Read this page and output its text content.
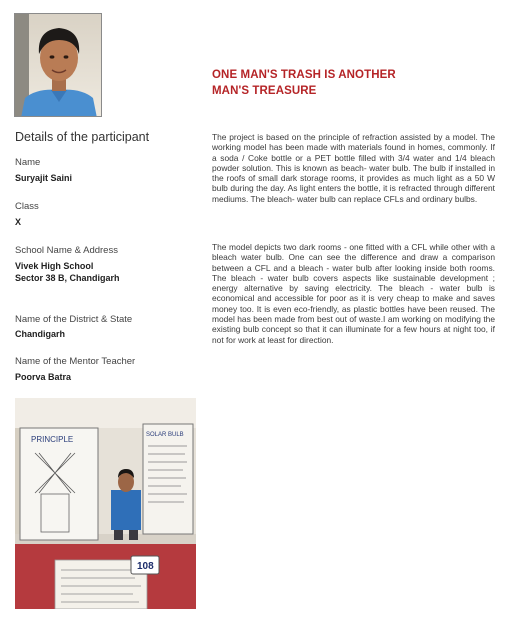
Details of the participant
Name
Suryajit Saini
Class
X
School Name & Address
Vivek High School
Sector 38 B, Chandigarh
Name of the District & State
Chandigarh
Name of the Mentor Teacher
Poorva Batra
ONE MAN'S TRASH IS ANOTHER
MAN'S TREASURE

The project is based on the principle of refraction assisted by a model. The working model has been made with materials found in homes, commonly. If a soda / Coke bottle or a PET bottle filled with 3/4 water and 1/4 bleach powder solution. This is known as beach- water bulb. The bulb if installed in the roofs of small dark storage rooms, it provides as much light as a 50 W bulb during the day. As light enters the bottle, it is refracted through different mediums. The bleach- water bulb can replace CFLs and ordinary bulbs.

The model depicts two dark rooms - one fitted with a CFL while other with a bleach water bulb. One can see the difference and draw a comparison between a CFL and a bleach - water bulb after looking inside both rooms. The bleach - water bulb covers aspects like sustainable development ; energy alternative by saving electricity. The bleach - water bulb is economical and accessible for poor as it is very cheap to make and saves money too. It is even eco-friendly, as plastic bottles have been reused. The model has been made from best out of waste.I am working on modifying the existing bulb concept so that it can illuminate for a few hours at night too, if not for work at least for direction.

PRINCIPLE	SOLAR BULB
108
